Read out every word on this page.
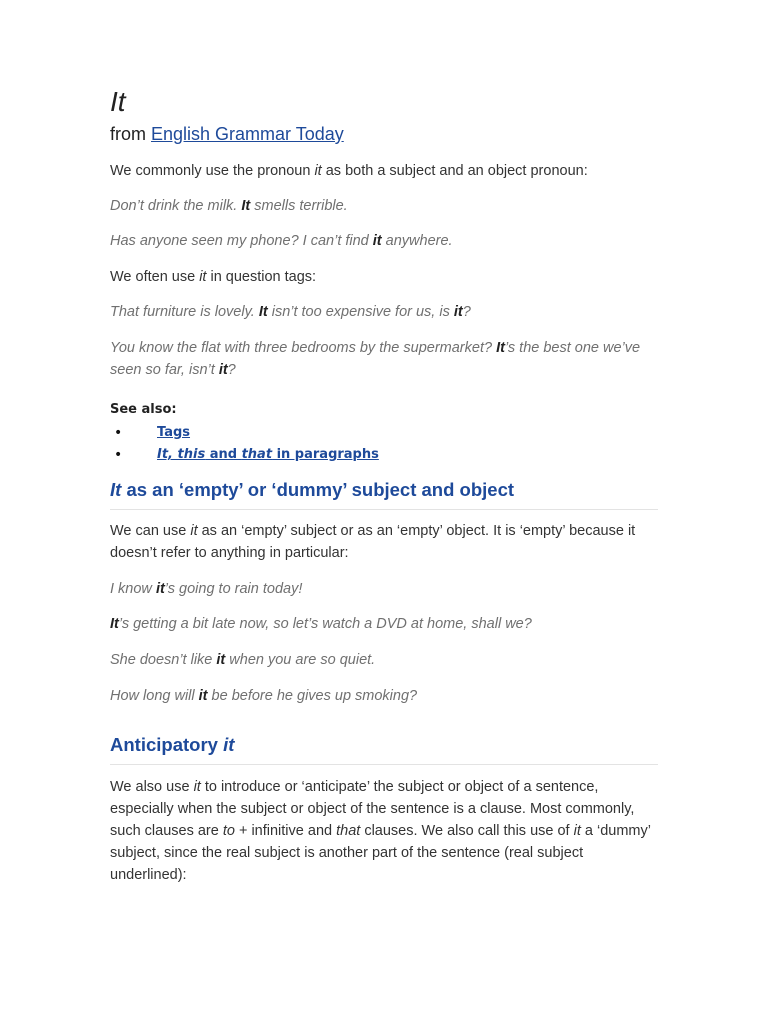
It
from English Grammar Today
We commonly use the pronoun it as both a subject and an object pronoun:
Don’t drink the milk. It smells terrible.
Has anyone seen my phone? I can’t find it anywhere.
We often use it in question tags:
That furniture is lovely. It isn’t too expensive for us, is it?
You know the flat with three bedrooms by the supermarket? It’s the best one we’ve seen so far, isn’t it?
See also:
•	Tags
•	It, this and that in paragraphs
It as an ‘empty’ or ‘dummy’ subject and object
We can use it as an ‘empty’ subject or as an ‘empty’ object. It is ‘empty’ because it doesn’t refer to anything in particular:
I know it’s going to rain today!
It’s getting a bit late now, so let’s watch a DVD at home, shall we?
She doesn’t like it when you are so quiet.
How long will it be before he gives up smoking?
Anticipatory it
We also use it to introduce or ‘anticipate’ the subject or object of a sentence, especially when the subject or object of the sentence is a clause. Most commonly, such clauses are to + infinitive and that clauses. We also call this use of it a ‘dummy’ subject, since the real subject is another part of the sentence (real subject underlined):
